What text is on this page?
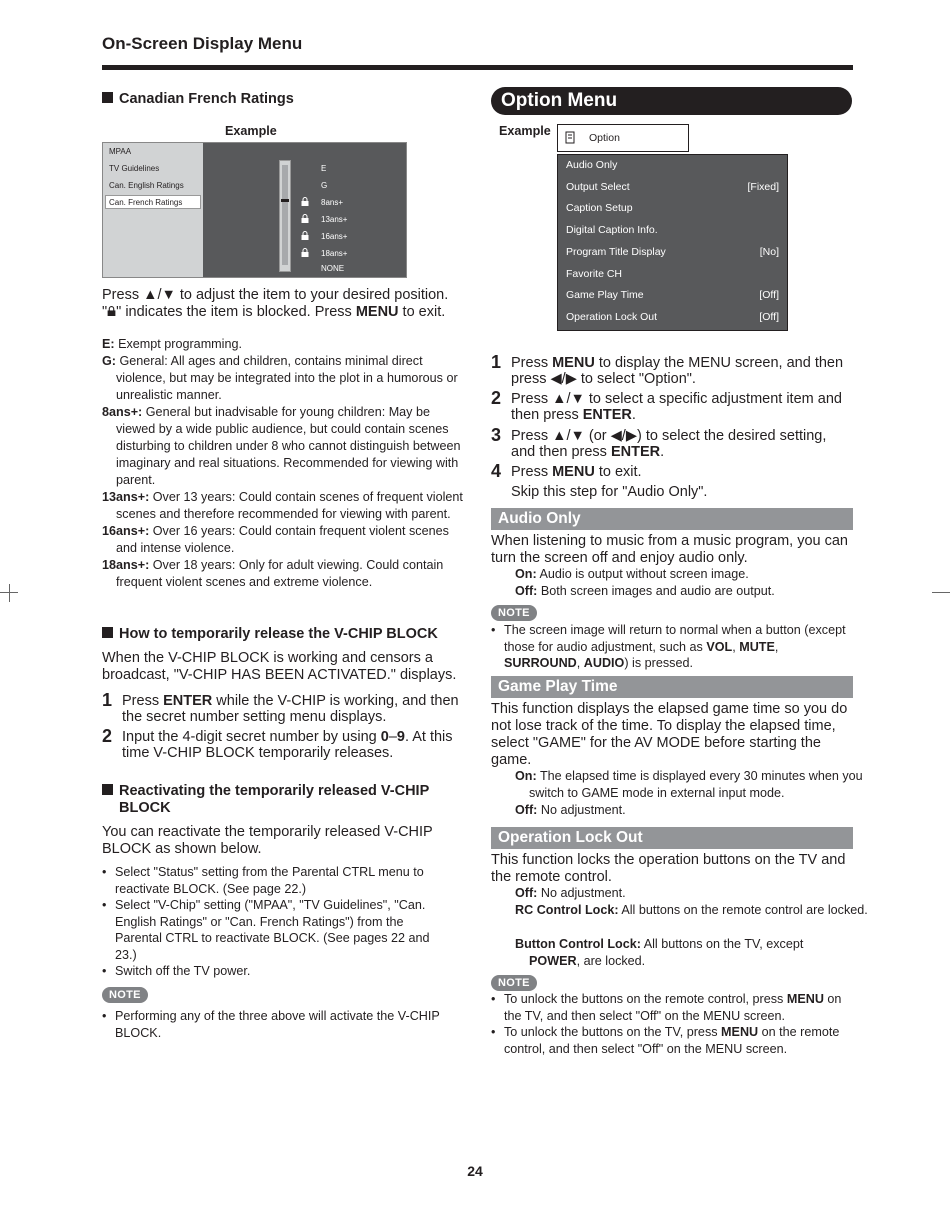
On-Screen Display Menu
Canadian French Ratings
Example
MPAA
TV Guidelines
Can. English Ratings
Can. French Ratings
E
G
8ans+
13ans+
16ans+
18ans+
NONE
Press ▲/▼ to adjust the item to your desired position.
" " indicates the item is blocked. Press MENU to exit.

E: Exempt programming.

G: General: All ages and children, contains minimal direct violence, but may be integrated into the plot in a humorous or unrealistic manner.

8ans+: General but inadvisable for young children: May be viewed by a wide public audience, but could contain scenes disturbing to children under 8 who cannot distinguish between imaginary and real situations. Recommended for viewing with parent.

13ans+: Over 13 years: Could contain scenes of frequent violent scenes and therefore recommended for viewing with parent.

16ans+: Over 16 years: Could contain frequent violent scenes and intense violence.

18ans+: Over 18 years: Only for adult viewing. Could contain frequent violent scenes and extreme violence.

How to temporarily release the V-CHIP BLOCK
When the V-CHIP BLOCK is working and censors a broadcast, "V-CHIP HAS BEEN ACTIVATED." displays.
1 Press ENTER while the V-CHIP is working, and then the secret number setting menu displays.
2 Input the 4-digit secret number by using 0–9. At this time V-CHIP BLOCK temporarily releases.
Reactivating the temporarily released V-CHIP
BLOCK
You can reactivate the temporarily released V-CHIP BLOCK as shown below.
• Select "Status" setting from the Parental CTRL menu to reactivate BLOCK. (See page 22.)
• Select "V-Chip" setting ("MPAA", "TV Guidelines", "Can. English Ratings" or "Can. French Ratings") from the Parental CTRL to reactivate BLOCK. (See pages 22 and 23.)
• Switch off the TV power.
NOTE
• Performing any of the three above will activate the V-CHIP BLOCK.
Option Menu
Example	Option
Audio Only
Output Select	[Fixed]
Caption Setup
Digital Caption Info.
Program Title Display	[No]
Favorite CH
Game Play Time	[Off]
Operation Lock Out	[Off]
1 Press MENU to display the MENU screen, and then
press ◀/▶ to select "Option".
2 Press ▲/▼ to select a specific adjustment item and
then press ENTER.
3 Press ▲/▼ (or ◀/▶) to select the desired setting,
and then press ENTER.
4 Press MENU to exit.
Skip this step for "Audio Only".
Audio Only
When listening to music from a music program, you can turn the screen off and enjoy audio only.
On: Audio is output without screen image.
Off: Both screen images and audio are output.
NOTE
• The screen image will return to normal when a button (except those for audio adjustment, such as VOL, MUTE,
SURROUND, AUDIO) is pressed.
Game Play Time
This function displays the elapsed game time so you do not lose track of the time. To display the elapsed time, select "GAME" for the AV MODE before starting the game.
On: The elapsed time is displayed every 30 minutes when you switch to GAME mode in external input mode.
Off: No adjustment.
Operation Lock Out
This function locks the operation buttons on the TV and the remote control.
Off: No adjustment.
RC Control Lock: All buttons on the remote control are locked.
Button Control Lock: All buttons on the TV, except
POWER, are locked.
NOTE
• To unlock the buttons on the remote control, press MENU on the TV, and then select "Off" on the MENU screen.
• To unlock the buttons on the TV, press MENU on the remote control, and then select "Off" on the MENU screen.
24
